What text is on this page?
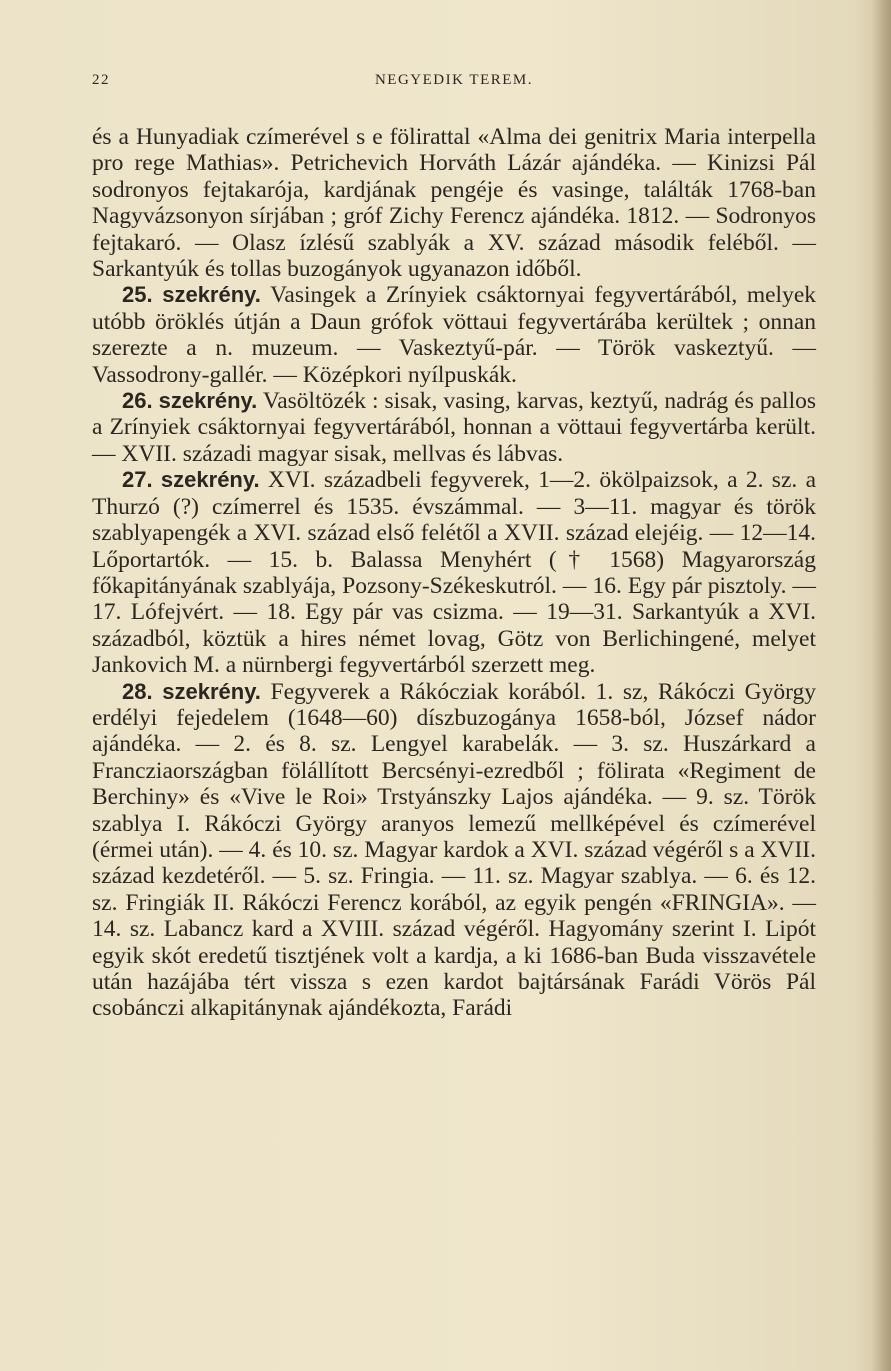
22	NEGYEDIK TEREM.

és a Hunyadiak czímerével s e fölirattal «Alma dei genitrix Maria interpella pro rege Mathias». Petrichevich Horváth Lázár ajándéka. — Kinizsi Pál sodronyos fejtakarója, kardjának pengéje és vasinge, találták 1768-ban Nagyvázsonyon sírjában ; gróf Zichy Ferencz ajándéka. 1812. — Sodronyos fejtakaró. — Olasz ízlésű szablyák a XV. század második feléből. — Sarkantyúk és tollas buzogányok ugyanazon időből.

25. szekrény. Vasingek a Zrínyiek csáktornyai fegyvertárából, melyek utóbb öröklés útján a Daun grófok vöttaui fegyvertárába kerültek ; onnan szerezte a n. muzeum. — Vaskeztyű-pár. — Török vaskeztyű. — Vassodrony-gallér. — Középkori nyílpuskák.

26. szekrény. Vasöltözék : sisak, vasing, karvas, keztyű, nadrág és pallos a Zrínyiek csáktornyai fegyvertárából, honnan a vöttaui fegyvertárba került. — XVII. századi magyar sisak, mellvas és lábvas.

27. szekrény. XVI. századbeli fegyverek, 1—2. ökölpaizsok, a 2. sz. a Thurzó (?) czímerrel és 1535. évszámmal. — 3—11. magyar és török szablyapengék a XVI. század első felétől a XVII. század elejéig. — 12—14. Lőportartók. — 15. b. Balassa Menyhért († 1568) Magyarország főkapitányának szablyája, Pozsony-Székeskutról. — 16. Egy pár pisztoly. — 17. Lófejvért. — 18. Egy pár vas csizma. — 19—31. Sarkantyúk a XVI. századból, köztük a hires német lovag, Götz von Berlichingené, melyet Jankovich M. a nürnbergi fegyvertárból szerzett meg.

28. szekrény. Fegyverek a Rákócziak korából. 1. sz, Rákóczi György erdélyi fejedelem (1648—60) díszbuzogánya 1658-ból, József nádor ajándéka. — 2. és 8. sz. Lengyel karabelák. — 3. sz. Huszárkard a Francziaországban fölállított Bercsényi-ezredből ; fölirata «Regiment de Berchiny» és «Vive le Roi» Trstyánszky Lajos ajándéka. — 9. sz. Török szablya I. Rákóczi György aranyos lemezű mellképével és czímerével (érmei után). — 4. és 10. sz. Magyar kardok a XVI. század végéről s a XVII. század kezdetéről. — 5. sz. Fringia. — 11. sz. Magyar szablya. — 6. és 12. sz. Fringiák II. Rákóczi Ferencz korából, az egyik pengén «FRINGIA». — 14. sz. Labancz kard a XVIII. század végéről. Hagyomány szerint I. Lipót egyik skót eredetű tisztjének volt a kardja, a ki 1686-ban Buda visszavétele után hazájába tért vissza s ezen kardot bajtársának Farádi Vörös Pál csobánczi alkapitánynak ajándékozta, Farádi
